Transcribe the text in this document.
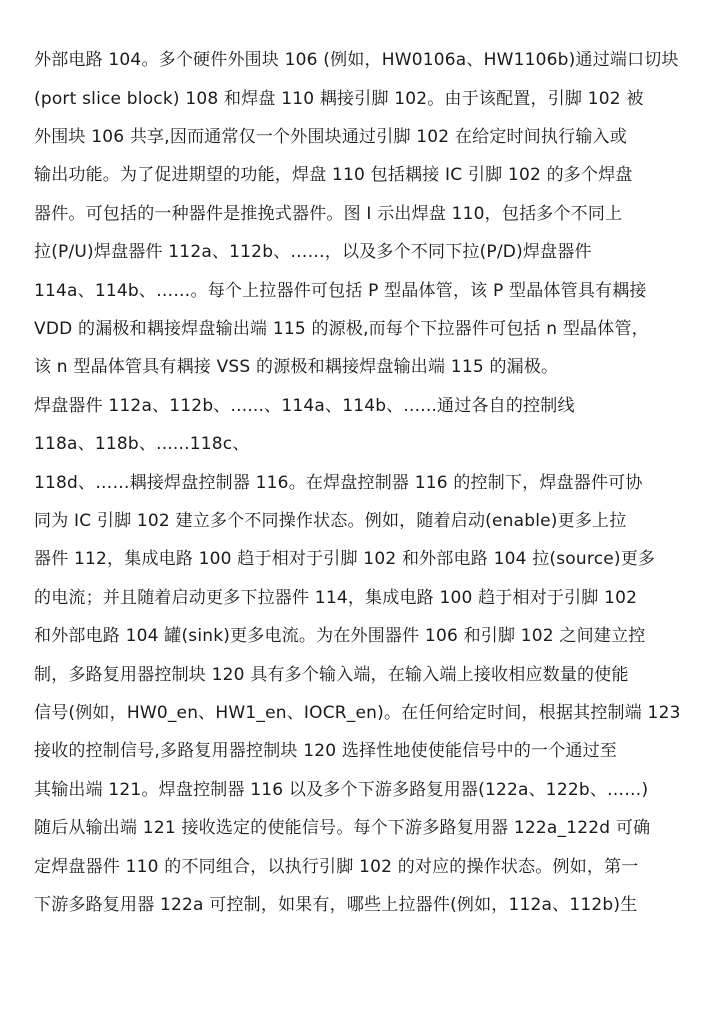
外部电路 104。多个硬件外围块 106 (例如，HW0106a、HW1106b)通过端口切块
(port slice block) 108 和焊盘 110 耦接引脚 102。由于该配置，引脚 102 被
外围块 106 共享,因而通常仅一个外围块通过引脚 102 在给定时间执行输入或
输出功能。为了促进期望的功能，焊盘 110 包括耦接 IC 引脚 102 的多个焊盘
器件。可包括的一种器件是推挽式器件。图 I 示出焊盘 110，包括多个不同上
拉(P/U)焊盘器件 112a、112b、……，以及多个不同下拉(P/D)焊盘器件
114a、114b、……。每个上拉器件可包括 P 型晶体管，该 P 型晶体管具有耦接
VDD 的漏极和耦接焊盘输出端 115 的源极,而每个下拉器件可包括 n 型晶体管，
该 n 型晶体管具有耦接 VSS 的源极和耦接焊盘输出端 115 的漏极。
焊盘器件 112a、112b、......、114a、114b、......通过各自的控制线
118a、118b、......118c、
118d、……耦接焊盘控制器 116。在焊盘控制器 116 的控制下，焊盘器件可协
同为 IC 引脚 102 建立多个不同操作状态。例如，随着启动(enable)更多上拉
器件 112，集成电路 100 趋于相对于引脚 102 和外部电路 104 拉(source)更多
的电流；并且随着启动更多下拉器件 114，集成电路 100 趋于相对于引脚 102
和外部电路 104 罐(sink)更多电流。为在外围器件 106 和引脚 102 之间建立控
制，多路复用器控制块 120 具有多个输入端，在输入端上接收相应数量的使能
信号(例如，HW0_en、HW1_en、IOCR_en)。在任何给定时间，根据其控制端 123
接收的控制信号,多路复用器控制块 120 选择性地使使能信号中的一个通过至
其输出端 121。焊盘控制器 116 以及多个下游多路复用器(122a、122b、……)
随后从输出端 121 接收选定的使能信号。每个下游多路复用器 122a_122d 可确
定焊盘器件 110 的不同组合，以执行引脚 102 的对应的操作状态。例如，第一
下游多路复用器 122a 可控制，如果有，哪些上拉器件(例如，112a、112b)生
